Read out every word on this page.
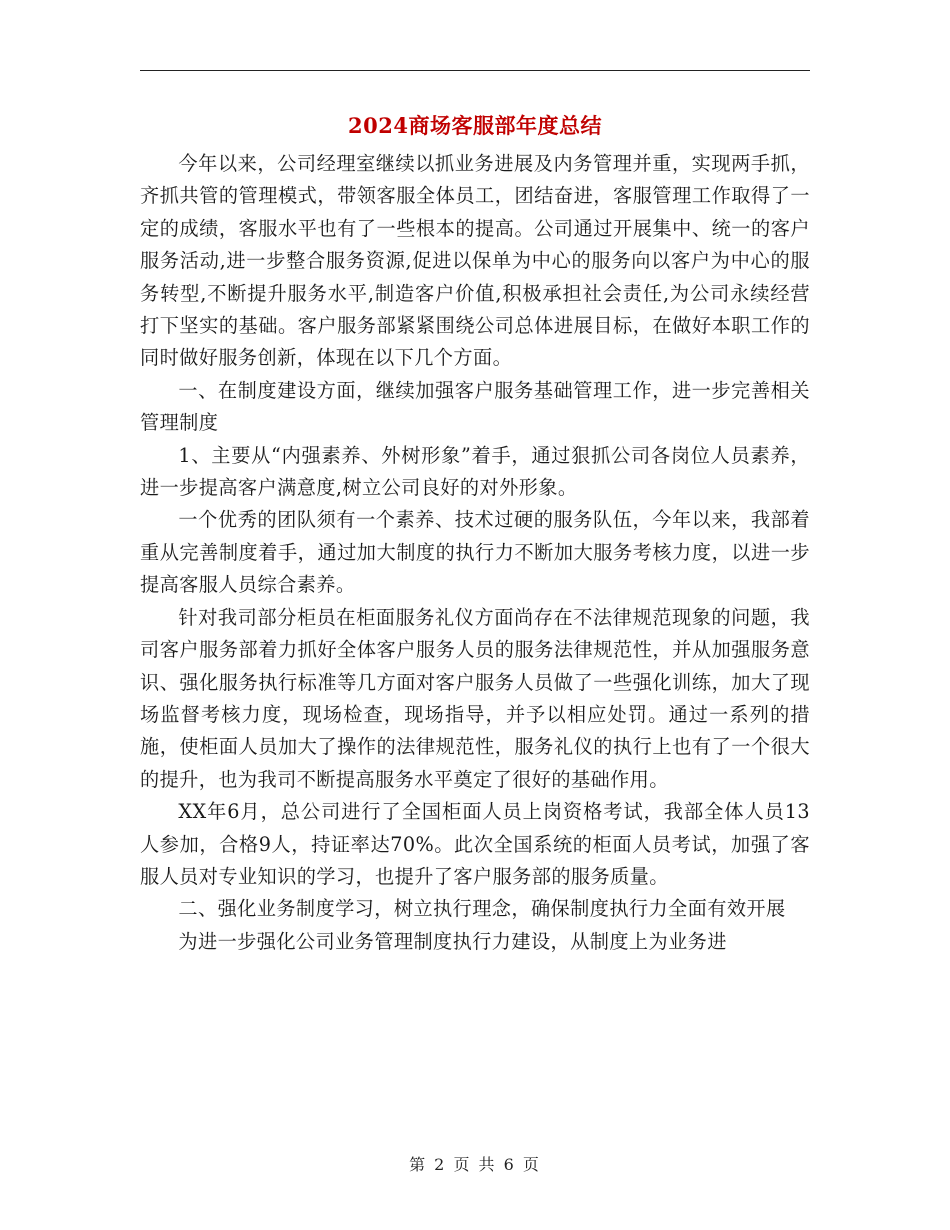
2024商场客服部年度总结

今年以来，公司经理室继续以抓业务进展及内务管理并重，实现两手抓，齐抓共管的管理模式，带领客服全体员工，团结奋进，客服管理工作取得了一定的成绩，客服水平也有了一些根本的提高。公司通过开展集中、统一的客户服务活动,进一步整合服务资源,促进以保单为中心的服务向以客户为中心的服务转型,不断提升服务水平,制造客户价值,积极承担社会责任,为公司永续经营打下坚实的基础。客户服务部紧紧围绕公司总体进展目标，在做好本职工作的同时做好服务创新，体现在以下几个方面。

一、在制度建设方面，继续加强客户服务基础管理工作，进一步完善相关管理制度

1、主要从“内强素养、外树形象”着手，通过狠抓公司各岗位人员素养，进一步提高客户满意度,树立公司良好的对外形象。

一个优秀的团队须有一个素养、技术过硬的服务队伍，今年以来，我部着重从完善制度着手，通过加大制度的执行力不断加大服务考核力度，以进一步提高客服人员综合素养。

针对我司部分柜员在柜面服务礼仪方面尚存在不法律规范现象的问题，我司客户服务部着力抓好全体客户服务人员的服务法律规范性，并从加强服务意识、强化服务执行标准等几方面对客户服务人员做了一些强化训练，加大了现场监督考核力度，现场检查，现场指导，并予以相应处罚。通过一系列的措施，使柜面人员加大了操作的法律规范性，服务礼仪的执行上也有了一个很大的提升，也为我司不断提高服务水平奠定了很好的基础作用。

XX年6月，总公司进行了全国柜面人员上岗资格考试，我部全体人员13人参加，合格9人，持证率达70%。此次全国系统的柜面人员考试，加强了客服人员对专业知识的学习，也提升了客户服务部的服务质量。

二、强化业务制度学习，树立执行理念，确保制度执行力全面有效开展

为进一步强化公司业务管理制度执行力建设，从制度上为业务进

第 2 页 共 6 页
